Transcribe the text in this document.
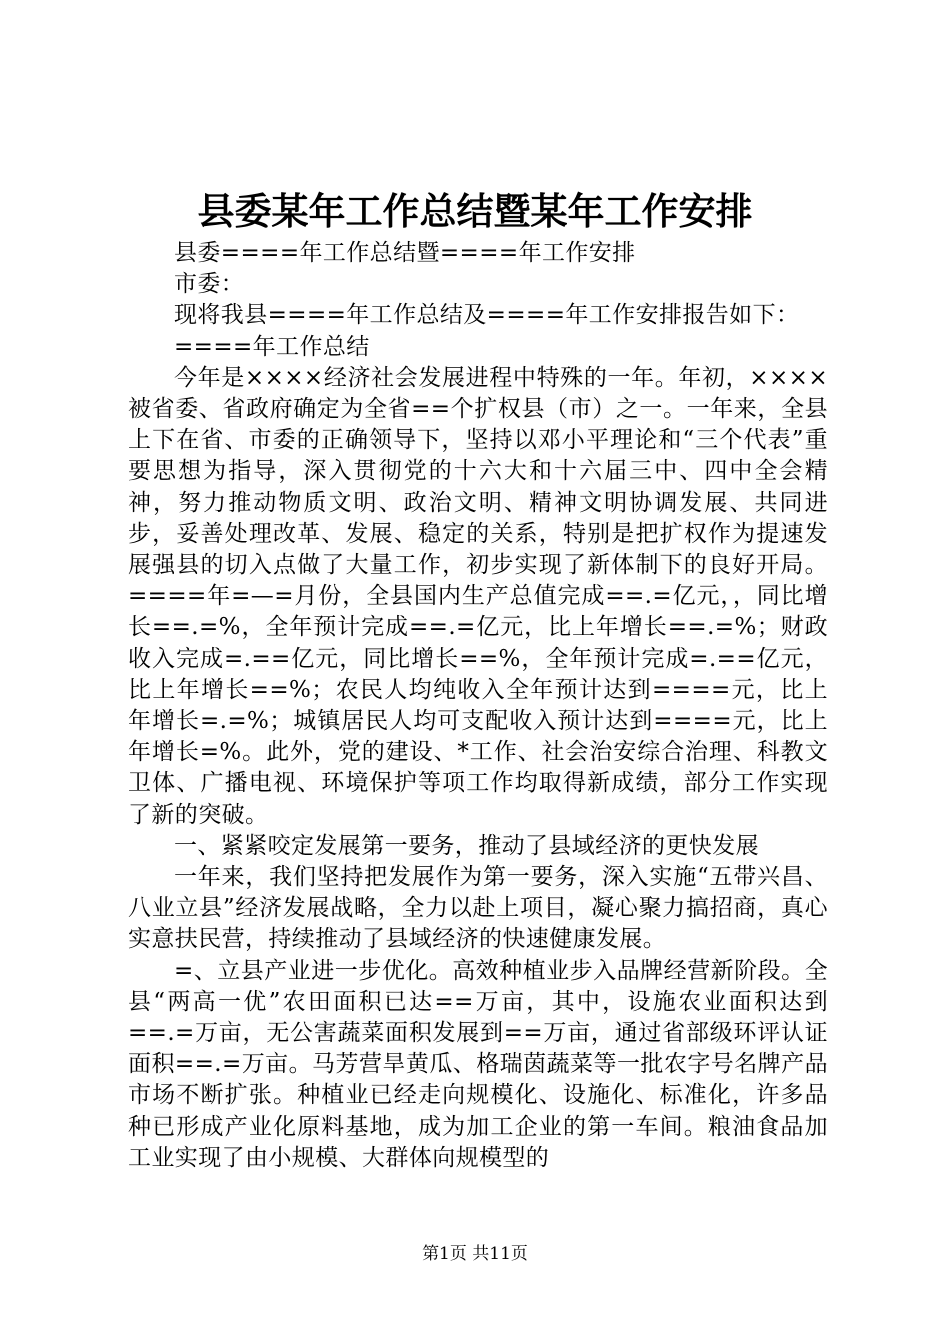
县委某年工作总结暨某年工作安排

县委====年工作总结暨====年工作安排

市委：

现将我县====年工作总结及====年工作安排报告如下：

====年工作总结

今年是××××经济社会发展进程中特殊的一年。年初，××××被省委、省政府确定为全省==个扩权县（市）之一。一年来，全县上下在省、市委的正确领导下，坚持以邓小平理论和“三个代表”重要思想为指导，深入贯彻党的十六大和十六届三中、四中全会精神，努力推动物质文明、政治文明、精神文明协调发展、共同进步，妥善处理改革、发展、稳定的关系，特别是把扩权作为提速发展强县的切入点做了大量工作，初步实现了新体制下的良好开局。====年=—=月份，全县国内生产总值完成==.=亿元，，同比增长==.=%，全年预计完成==.=亿元，比上年增长==.=%；财政收入完成=.==亿元，同比增长==%，全年预计完成=.==亿元，比上年增长==%；农民人均纯收入全年预计达到====元，比上年增长=.=%；城镇居民人均可支配收入预计达到====元，比上年增长=%。此外，党的建设、*工作、社会治安综合治理、科教文卫体、广播电视、环境保护等项工作均取得新成绩，部分工作实现了新的突破。

一、紧紧咬定发展第一要务，推动了县域经济的更快发展

一年来，我们坚持把发展作为第一要务，深入实施“五带兴昌、八业立县”经济发展战略，全力以赴上项目，凝心聚力搞招商，真心实意扶民营，持续推动了县域经济的快速健康发展。

=、立县产业进一步优化。高效种植业步入品牌经营新阶段。全县“两高一优”农田面积已达==万亩，其中，设施农业面积达到==.=万亩，无公害蔬菜面积发展到==万亩，通过省部级环评认证面积==.=万亩。马芳营旱黄瓜、格瑞茵蔬菜等一批农字号名牌产品市场不断扩张。种植业已经走向规模化、设施化、标准化，许多品种已形成产业化原料基地，成为加工企业的第一车间。粮油食品加工业实现了由小规模、大群体向规模型的

第1页 共11页
